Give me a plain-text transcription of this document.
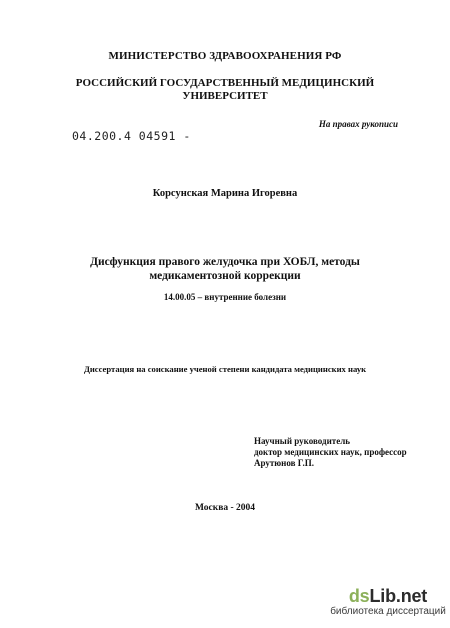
МИНИСТЕРСТВО ЗДРАВООХРАНЕНИЯ РФ
РОССИЙСКИЙ ГОСУДАРСТВЕННЫЙ МЕДИЦИНСКИЙ
УНИВЕРСИТЕТ
На правах рукописи
04.200.4 04591 -
Корсунская Марина Игоревна
Дисфункция правого желудочка при ХОБЛ, методы
медикаментозной коррекции
14.00.05 – внутренние болезни
Диссертация на соискание ученой степени кандидата медицинских наук
Научный руководитель
доктор медицинских наук, профессор
Арутюнов Г.П.
Москва - 2004
dsLib.net
библиотека диссертаций
